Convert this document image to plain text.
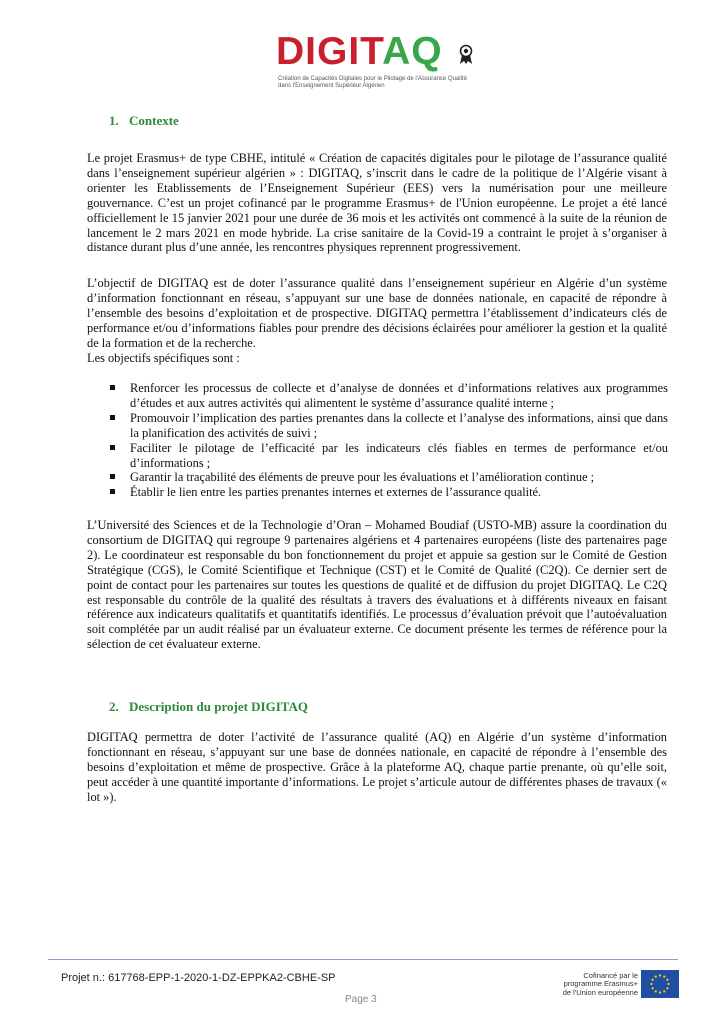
DIGITAQ
Création de Capacités Digitales pour le Pilotage de l'Assurance Qualité dans l'Enseignement Supérieur Algérien
1. Contexte

Le projet Erasmus+ de type CBHE, intitulé « Création de capacités digitales pour le pilotage de l’assurance qualité dans l’enseignement supérieur algérien » : DIGITAQ, s’inscrit dans le cadre de la politique de l’Algérie visant à orienter les Etablissements de l’Enseignement Supérieur (EES) vers la numérisation pour une meilleure gouvernance. C’est un projet cofinancé par le programme Erasmus+ de l'Union européenne. Le projet a été lancé officiellement le 15 janvier 2021 pour une durée de 36 mois et les activités ont commencé à la suite de la réunion de lancement le 2 mars 2021 en mode hybride. La crise sanitaire de la Covid-19 a contraint le projet à s’organiser à distance durant plus d’une année, les rencontres physiques reprennent progressivement.

L’objectif de DIGITAQ est de doter l’assurance qualité dans l’enseignement supérieur en Algérie d’un système d’information fonctionnant en réseau, s’appuyant sur une base de données nationale, en capacité de répondre à l’ensemble des besoins d’exploitation et de prospective. DIGITAQ permettra l’établissement d’indicateurs clés de performance et/ou d’informations fiables pour prendre des décisions éclairées pour améliorer la gestion et la qualité de la formation et de la recherche.

Les objectifs spécifiques sont :

Renforcer les processus de collecte et d’analyse de données et d’informations relatives aux programmes d’études et aux autres activités qui alimentent le système d’assurance qualité interne ;
Promouvoir l’implication des parties prenantes dans la collecte et l’analyse des informations, ainsi que dans la planification des activités de suivi ;
Faciliter le pilotage de l’efficacité par les indicateurs clés fiables en termes de performance et/ou d’informations ;
Garantir la traçabilité des éléments de preuve pour les évaluations et l’amélioration continue ;
Établir le lien entre les parties prenantes internes et externes de l’assurance qualité.

L’Université des Sciences et de la Technologie d’Oran – Mohamed Boudiaf (USTO-MB) assure la coordination du consortium de DIGITAQ qui regroupe 9 partenaires algériens et 4 partenaires européens (liste des partenaires page 2). Le coordinateur est responsable du bon fonctionnement du projet et appuie sa gestion sur le Comité de Gestion Stratégique (CGS), le Comité Scientifique et Technique (CST) et le Comité de Qualité (C2Q). Ce dernier sert de point de contact pour les partenaires sur toutes les questions de qualité et de diffusion du projet DIGITAQ. Le C2Q est responsable du contrôle de la qualité des résultats à travers des évaluations et à différents niveaux en faisant référence aux indicateurs qualitatifs et quantitatifs identifiés. Le processus d’évaluation prévoit que l’autoévaluation soit complétée par un audit réalisé par un évaluateur externe. Ce document présente les termes de référence pour la sélection de cet évaluateur externe.

2. Description du projet DIGITAQ

DIGITAQ permettra de doter l’activité de l’assurance qualité (AQ) en Algérie d’un système d’information fonctionnant en réseau, s’appuyant sur une base de données nationale, en capacité de répondre à l’ensemble des besoins d’exploitation et même de prospective. Grâce à la plateforme AQ, chaque partie prenante, où qu’elle soit, peut accéder à une quantité importante d’informations. Le projet s’articule autour de différentes phases de travaux (« lot »).

Projet n.: 617768-EPP-1-2020-1-DZ-EPPKA2-CBHE-SP
Page 3
Cofinancé par le
programme Erasmus+
de l'Union européenne
